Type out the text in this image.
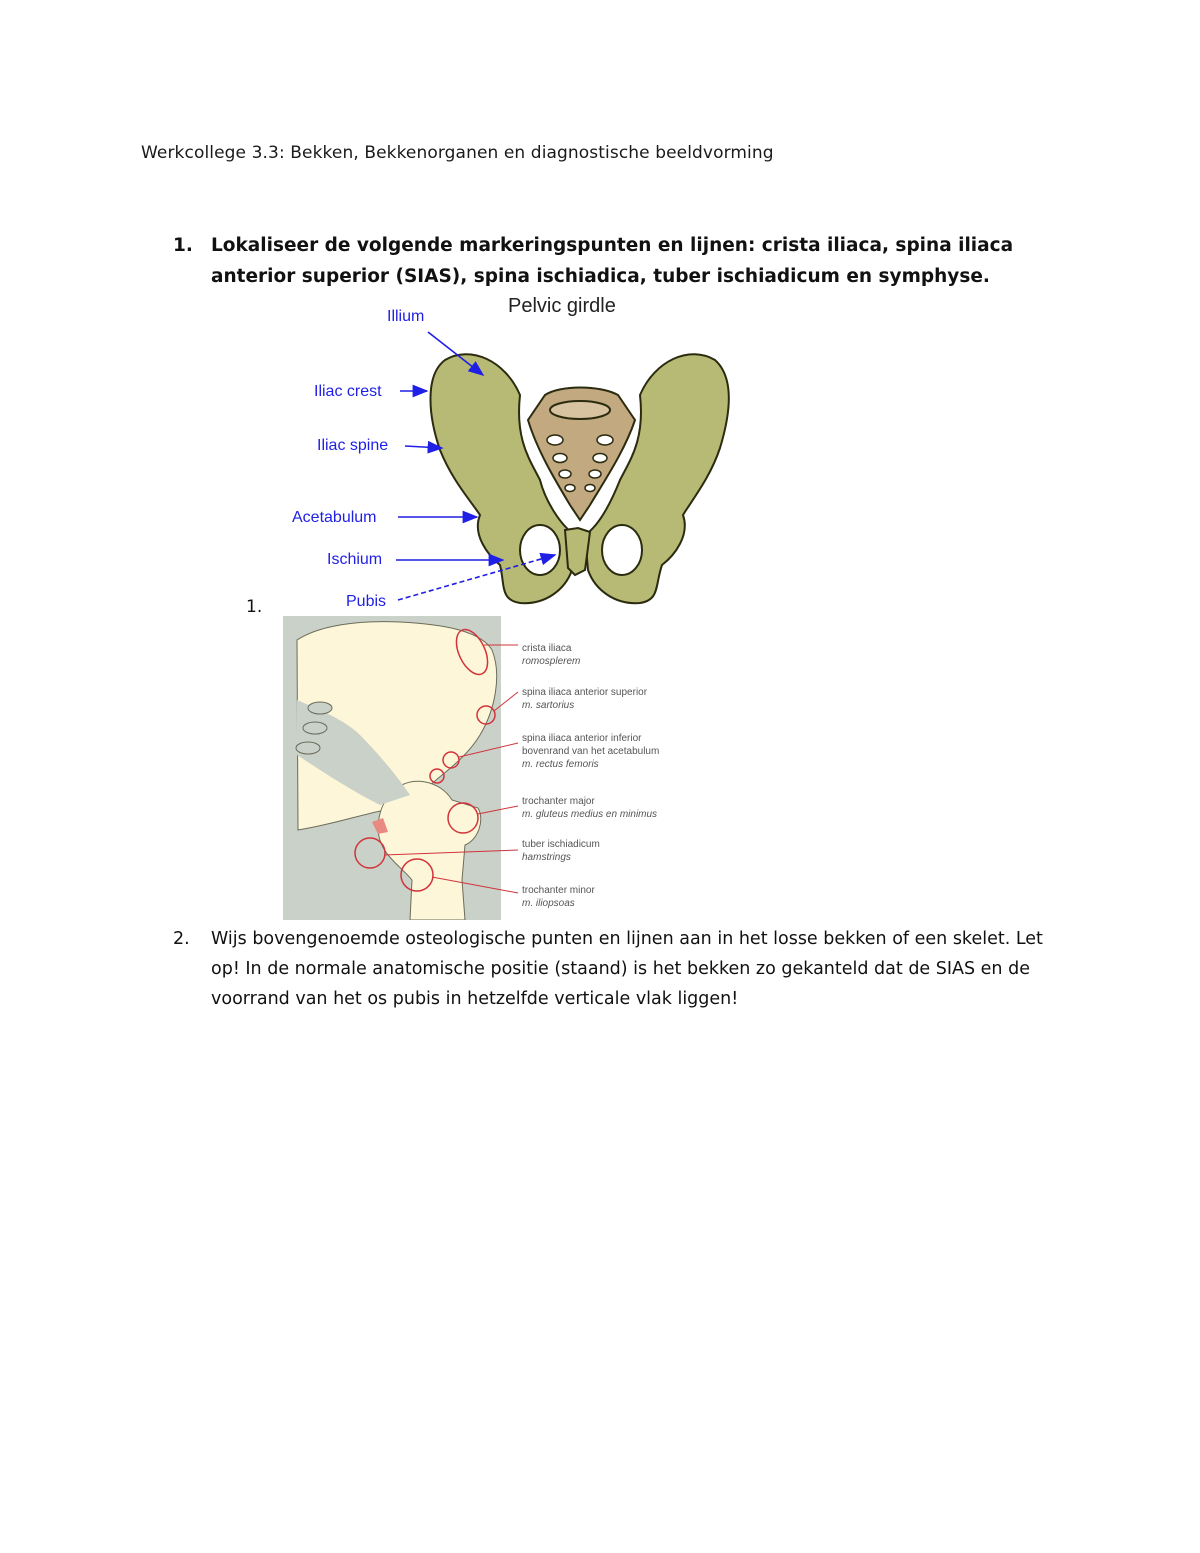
Werkcollege 3.3: Bekken, Bekkenorganen en diagnostische beeldvorming
1. Lokaliseer de volgende markeringspunten en lijnen: crista iliaca, spina iliaca anterior superior (SIAS), spina ischiadica, tuber ischiadicum en symphyse.
Pelvic girdle
Illium
Iliac crest
Iliac spine
Acetabulum
Ischium
Pubis
1.
crista iliaca
romosplerem
spina iliaca anterior superior
m. sartorius
spina iliaca anterior inferior
bovenrand van het acetabulum
m. rectus femoris
trochanter major
m. gluteus medius en minimus
tuber ischiadicum
hamstrings
trochanter minor
m. iliopsoas
2. Wijs bovengenoemde osteologische punten en lijnen aan in het losse bekken of een skelet. Let op! In de normale anatomische positie (staand) is het bekken zo gekanteld dat de SIAS en de voorrand van het os pubis in hetzelfde verticale vlak liggen!
